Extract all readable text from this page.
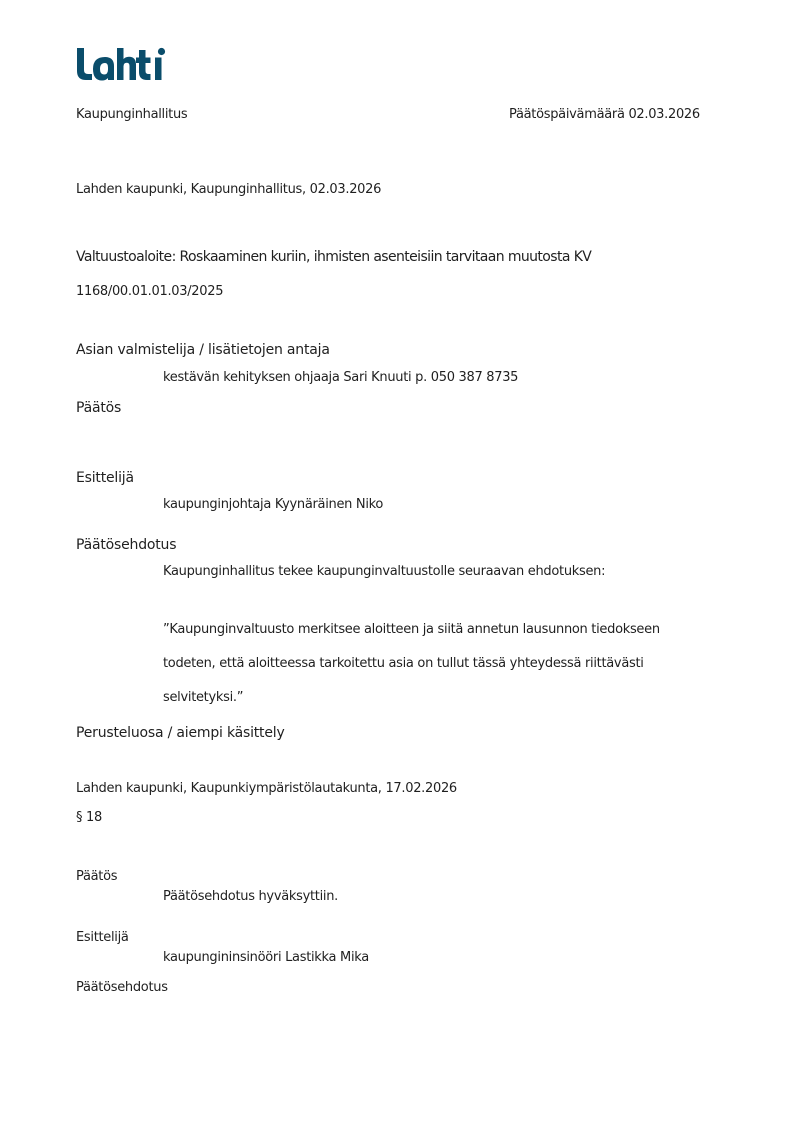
Kaupunginhallitus	Päätöspäivämäärä 02.03.2026
Lahden kaupunki, Kaupunginhallitus, 02.03.2026
Valtuustoaloite: Roskaaminen kuriin, ihmisten asenteisiin tarvitaan muutosta KV
1168/00.01.01.03/2025
Asian valmistelija / lisätietojen antaja
kestävän kehityksen ohjaaja Sari Knuuti p. 050 387 8735
Päätös
Esittelijä
kaupunginjohtaja Kyynäräinen Niko
Päätösehdotus
Kaupunginhallitus tekee kaupunginvaltuustolle seuraavan ehdotuksen:
”Kaupunginvaltuusto merkitsee aloitteen ja siitä annetun lausunnon tiedokseen
todeten, että aloitteessa tarkoitettu asia on tullut tässä yhteydessä riittävästi
selvitetyksi.”
Perusteluosa / aiempi käsittely
Lahden kaupunki, Kaupunkiympäristölautakunta, 17.02.2026
§ 18
Päätös
Päätösehdotus hyväksyttiin.
Esittelijä
kaupungininsinööri Lastikka Mika
Päätösehdotus
